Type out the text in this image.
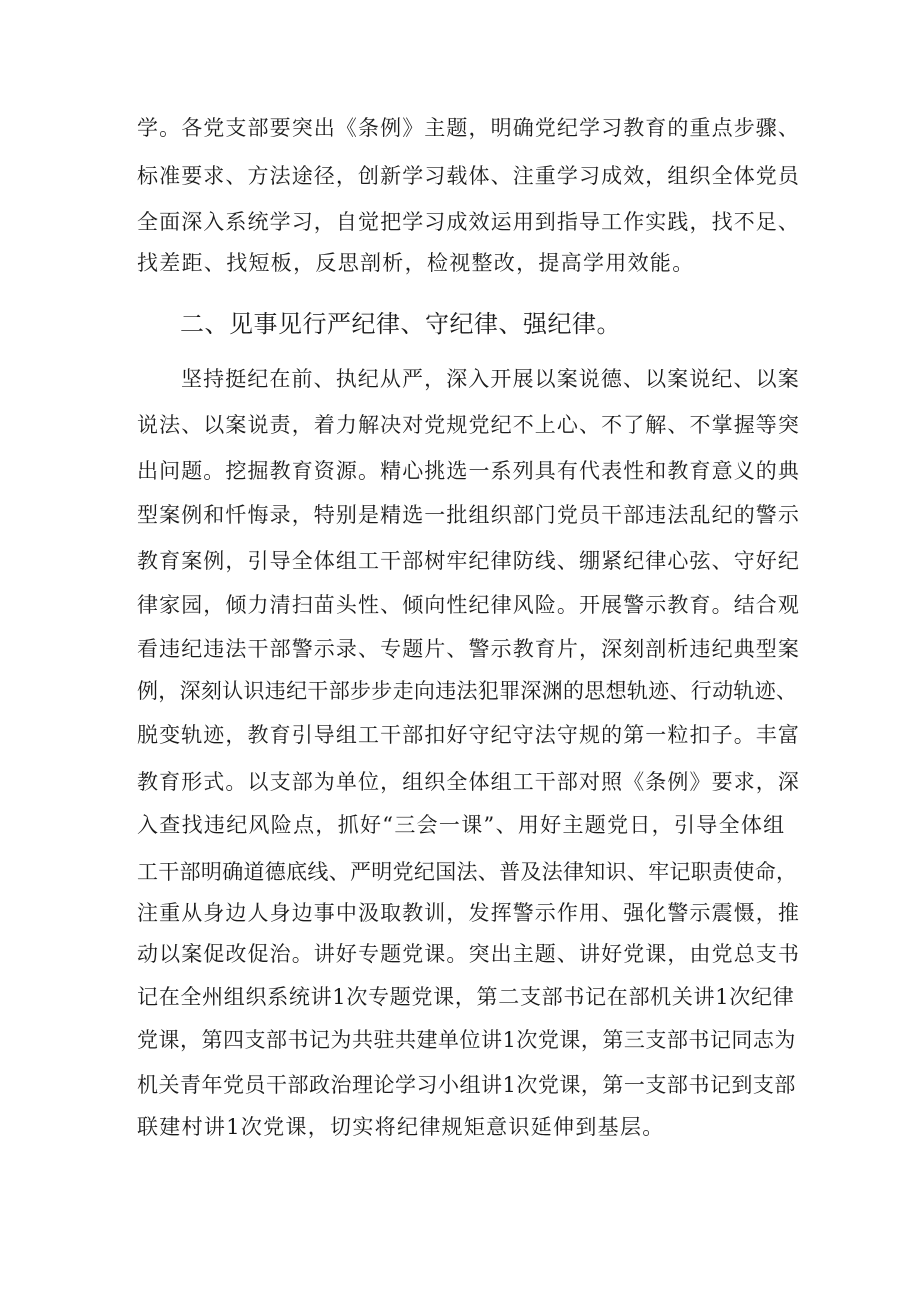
学。各党支部要突出《条例》主题，明确党纪学习教育的重点步骤、
标准要求、方法途径，创新学习载体、注重学习成效，组织全体党员
全面深入系统学习，自觉把学习成效运用到指导工作实践，找不足、
找差距、找短板，反思剖析，检视整改，提高学用效能。
二、见事见行严纪律、守纪律、强纪律。
坚持挺纪在前、执纪从严，深入开展以案说德、以案说纪、以案
说法、以案说责，着力解决对党规党纪不上心、不了解、不掌握等突
出问题。挖掘教育资源。精心挑选一系列具有代表性和教育意义的典
型案例和忏悔录，特别是精选一批组织部门党员干部违法乱纪的警示
教育案例，引导全体组工干部树牢纪律防线、绷紧纪律心弦、守好纪
律家园，倾力清扫苗头性、倾向性纪律风险。开展警示教育。结合观
看违纪违法干部警示录、专题片、警示教育片，深刻剖析违纪典型案
例，深刻认识违纪干部步步走向违法犯罪深渊的思想轨迹、行动轨迹、
脱变轨迹，教育引导组工干部扣好守纪守法守规的第一粒扣子。丰富
教育形式。以支部为单位，组织全体组工干部对照《条例》要求，深
入查找违纪风险点，抓好“三会一课”、用好主题党日，引导全体组
工干部明确道德底线、严明党纪国法、普及法律知识、牢记职责使命，
注重从身边人身边事中汲取教训，发挥警示作用、强化警示震慑，推
动以案促改促治。讲好专题党课。突出主题、讲好党课，由党总支书
记在全州组织系统讲1次专题党课，第二支部书记在部机关讲1次纪律
党课，第四支部书记为共驻共建单位讲1次党课，第三支部书记同志为
机关青年党员干部政治理论学习小组讲1次党课，第一支部书记到支部
联建村讲1次党课，切实将纪律规矩意识延伸到基层。
